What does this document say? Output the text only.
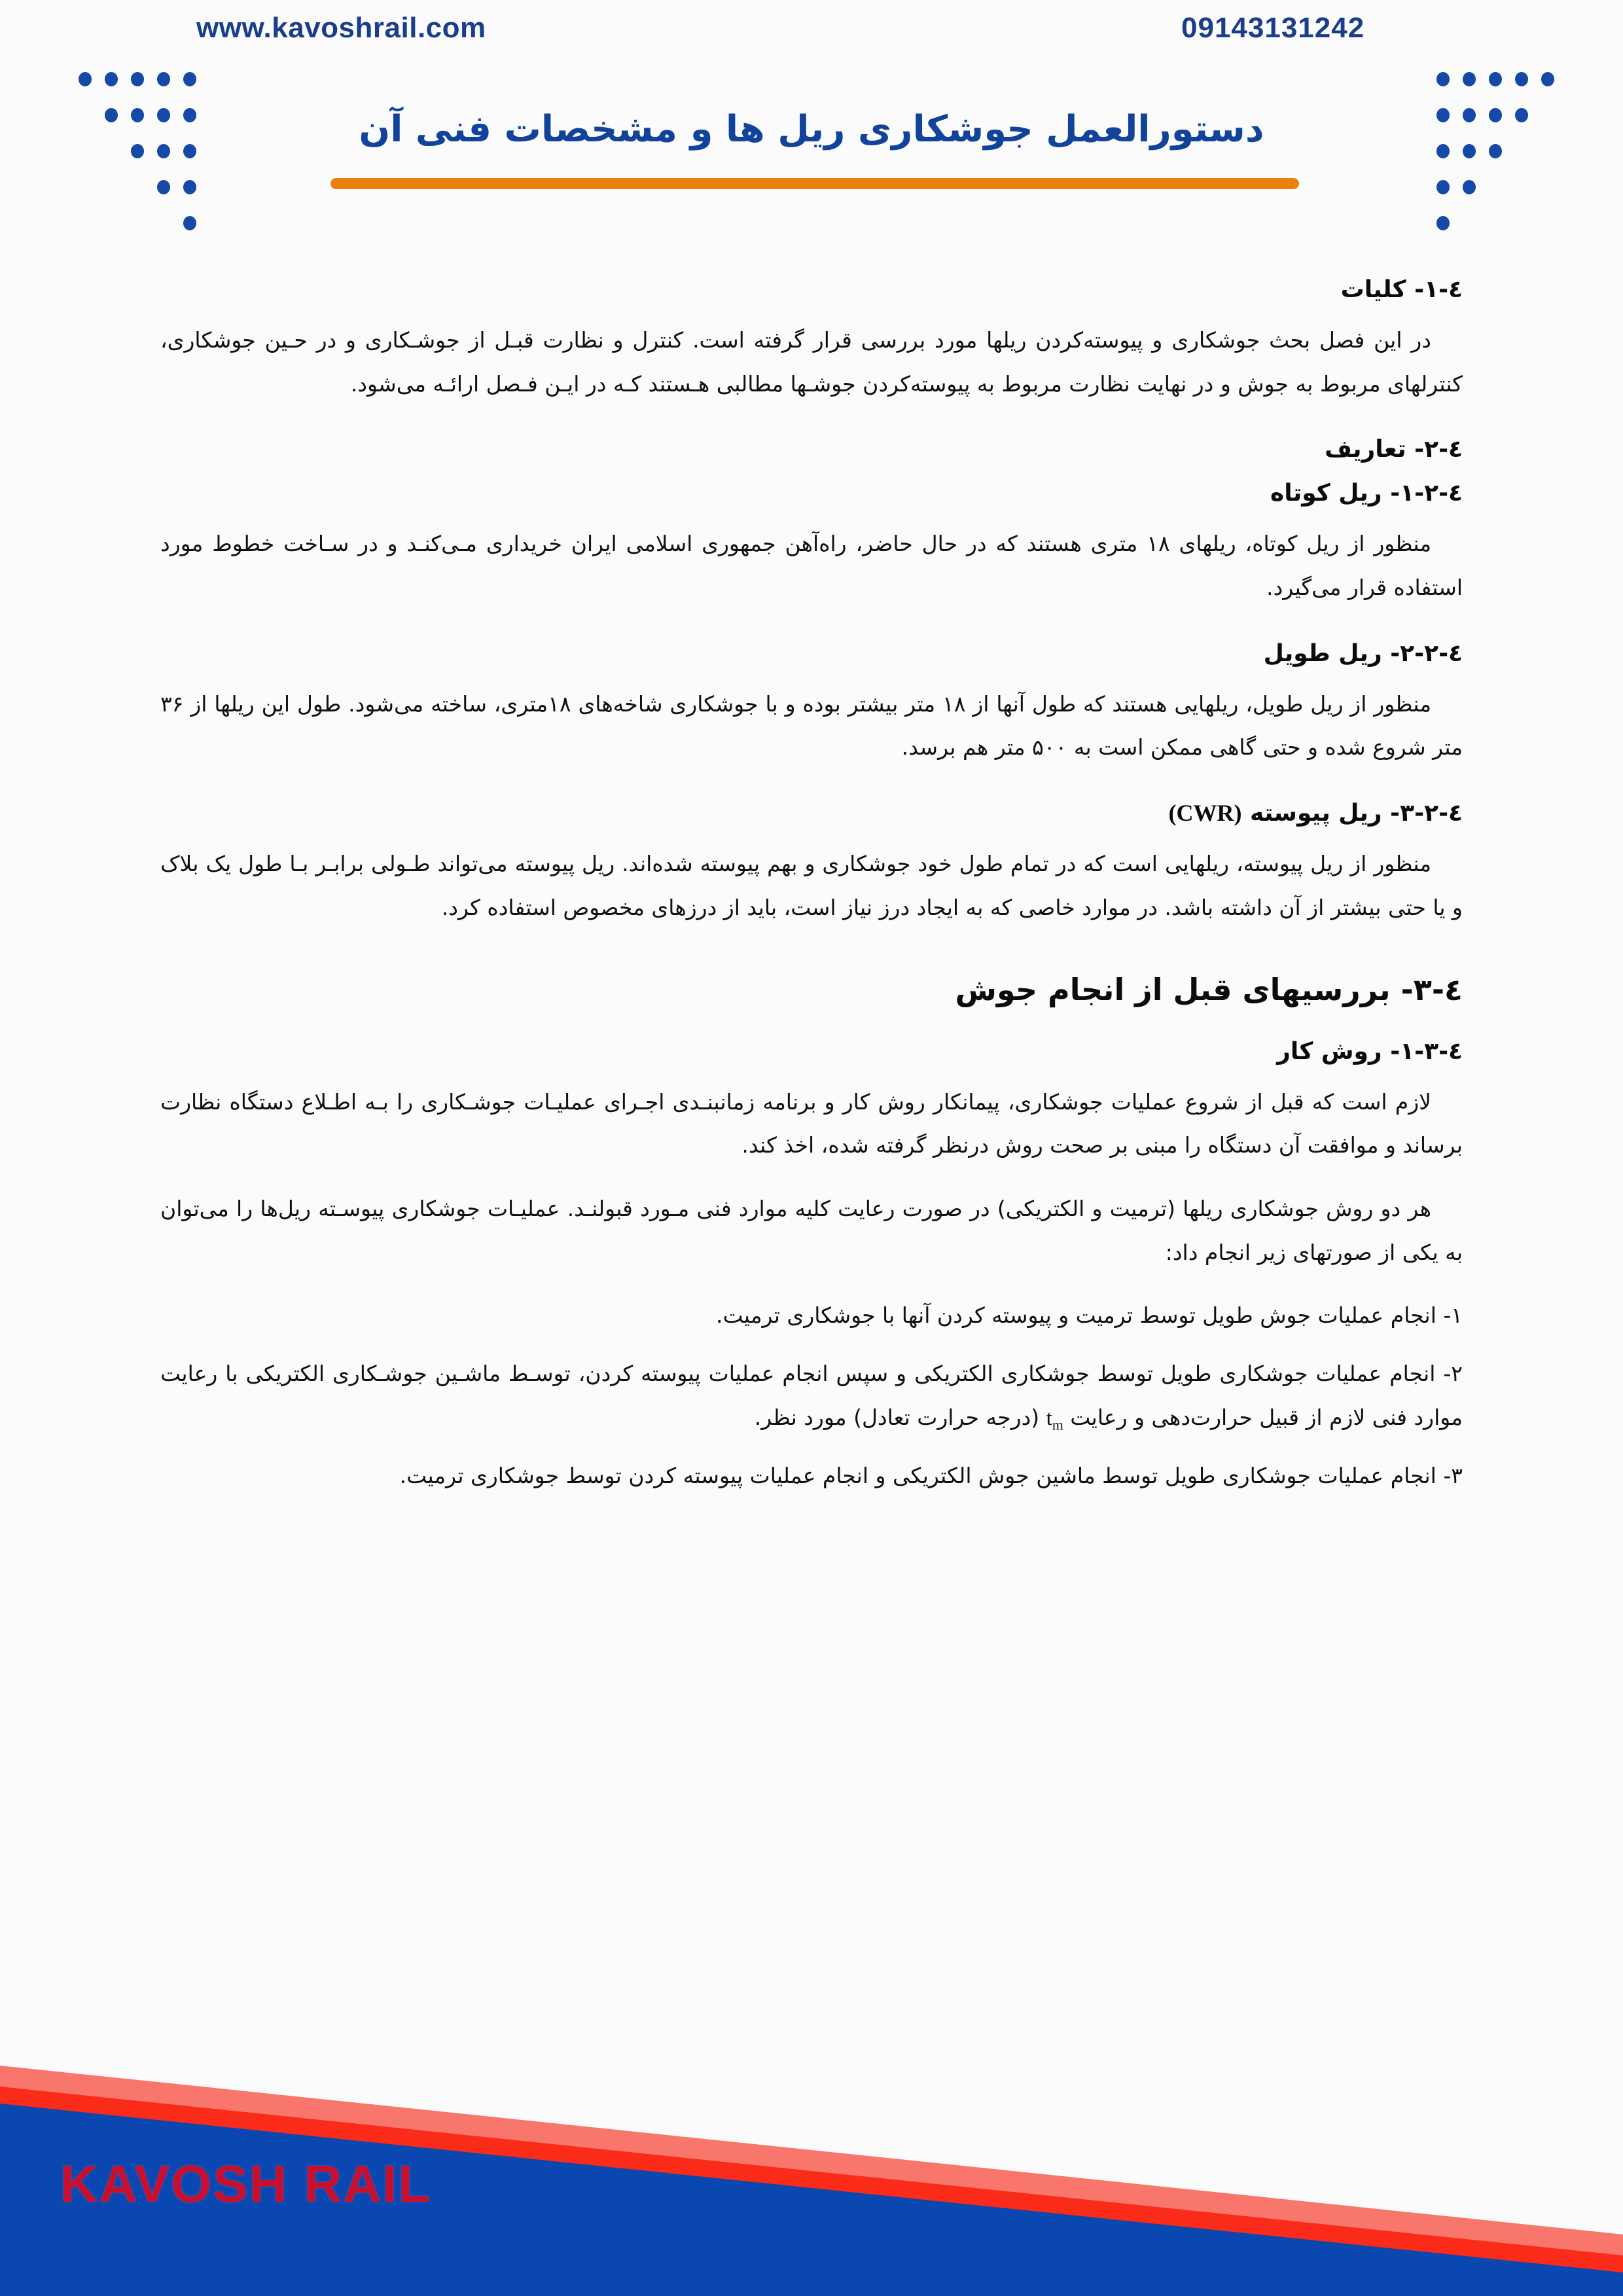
www.kavoshrail.com	09143131242
دستورالعمل جوشکاری ریل ها و مشخصات فنی آن
٤-١- کلیات

در این فصل بحث جوشکاری و پیوسته‌کردن ریلها مورد بررسی قرار گرفته است. کنترل و نظارت قبـل از جوشـکاری و در حـین جوشکاری، کنترلهای مربوط به جوش و در نهایت نظارت مربوط به پیوسته‌کردن جوشـها مطالبی هـستند کـه در ایـن فـصل ارائـه می‌شود.

٤-٢- تعاریف
٤-٢-١- ریل کوتاه

منظور از ریل کوتاه، ریلهای ۱۸ متری هستند که در حال حاضر، راه‌آهن جمهوری اسلامی ایران خریداری مـی‌کنـد و در سـاخت خطوط مورد استفاده قرار می‌گیرد.

٤-٢-٢- ریل طویل

منظور از ریل طویل، ریلهایی هستند که طول آنها از ۱۸ متر بیشتر بوده و با جوشکاری شاخه‌های ۱۸متری، ساخته می‌شود. طول این ریلها از ۳۶ متر شروع شده و حتی گاهی ممکن است به ۵۰۰ متر هم برسد.

٤-٢-٣- ریل پیوسته (CWR)

منظور از ریل پیوسته، ریلهایی است که در تمام طول خود جوشکاری و بهم پیوسته شده‌اند. ریل پیوسته می‌تواند طـولی برابـر بـا طول یک بلاک و یا حتی بیشتر از آن داشته باشد. در موارد خاصی که به ایجاد درز نیاز است، باید از درزهای مخصوص استفاده کرد.

٤-٣- بررسیهای قبل از انجام جوش
٤-٣-١- روش کار

لازم است که قبل از شروع عملیات جوشکاری، پیمانکار روش کار و برنامه زمانبنـدی اجـرای عملیـات جوشـکاری را بـه اطـلاع دستگاه نظارت برساند و موافقت آن دستگاه را مبنی بر صحت روش درنظر گرفته شده، اخذ کند.

هر دو روش جوشکاری ریلها (ترمیت و الکتریکی) در صورت رعایت کلیه موارد فنی مـورد قبولنـد. عملیـات جوشکاری پیوسـته ریل‌ها را می‌توان به یکی از صورتهای زیر انجام داد:

۱- انجام عملیات جوش طویل توسط ترمیت و پیوسته کردن آنها با جوشکاری ترمیت.

۲- انجام عملیات جوشکاری طویل توسط جوشکاری الکتریکی و سپس انجام عملیات پیوسته کردن، توسـط ماشـین جوشـکاری الکتریکی با رعایت موارد فنی لازم از قبیل حرارت‌دهی و رعایت $t_m$ (درجه حرارت تعادل) مورد نظر.

۳- انجام عملیات جوشکاری طویل توسط ماشین جوش الکتریکی و انجام عملیات پیوسته کردن توسط جوشکاری ترمیت.

KAVOSH RAIL
